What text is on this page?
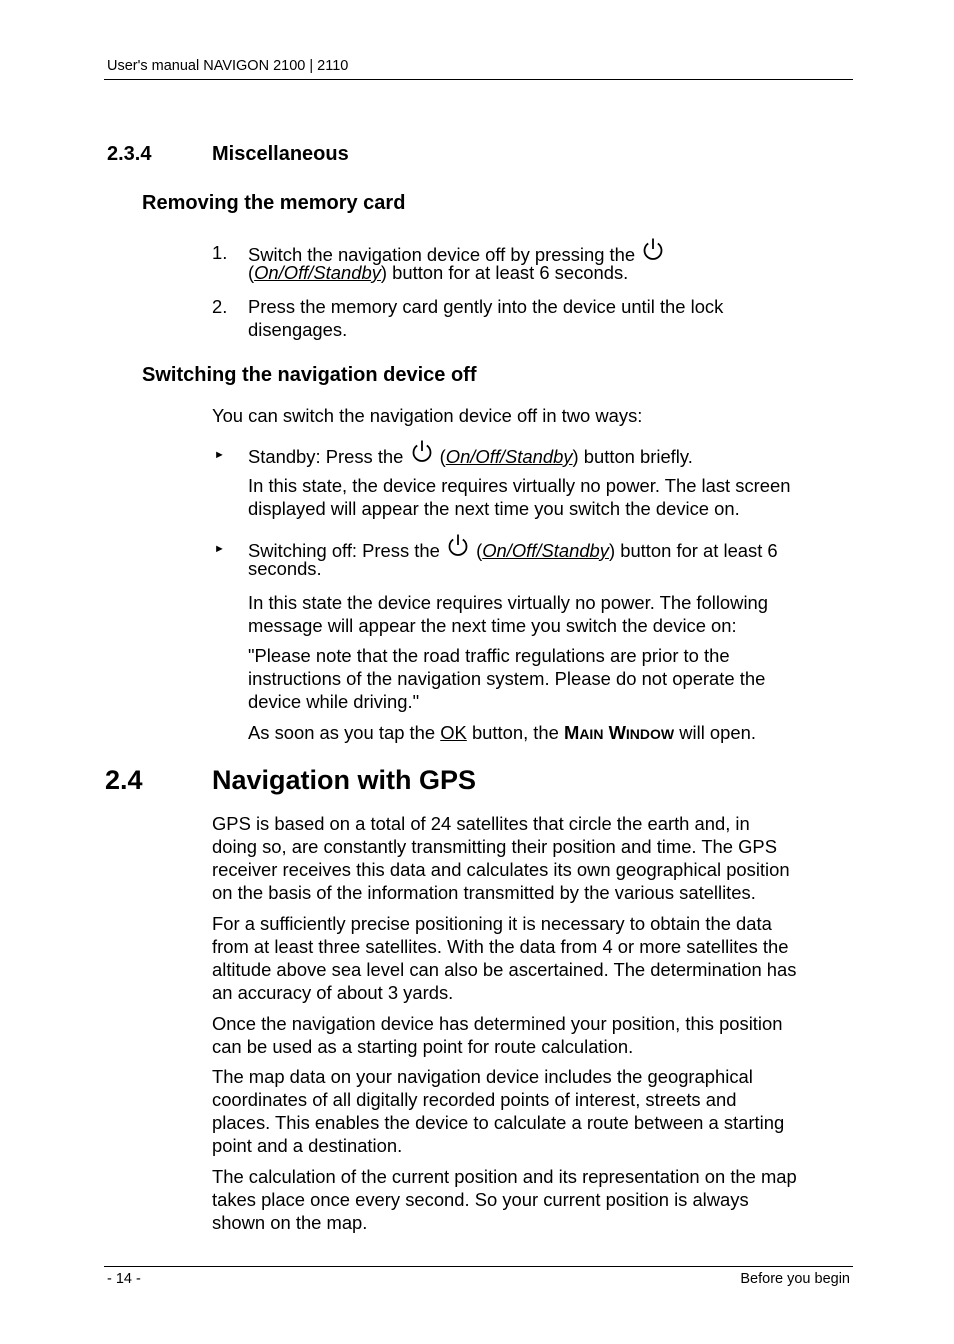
User's manual NAVIGON 2100 | 2110
2.3.4	Miscellaneous
Removing the memory card
1. Switch the navigation device off by pressing the
(On/Off/Standby) button for at least 6 seconds.
2. Press the memory card gently into the device until the lock
disengages.
Switching the navigation device off
You can switch the navigation device off in two ways:
► Standby: Press the (On/Off/Standby) button briefly.
In this state, the device requires virtually no power. The last screen
displayed will appear the next time you switch the device on.
► Switching off: Press the (On/Off/Standby) button for at least 6
seconds.
In this state the device requires virtually no power. The following
message will appear the next time you switch the device on:
"Please note that the road traffic regulations are prior to the
instructions of the navigation system. Please do not operate the
device while driving."
As soon as you tap the OK button, the MAIN WINDOW will open.
2.4	Navigation with GPS
GPS is based on a total of 24 satellites that circle the earth and, in
doing so, are constantly transmitting their position and time. The GPS
receiver receives this data and calculates its own geographical position
on the basis of the information transmitted by the various satellites.
For a sufficiently precise positioning it is necessary to obtain the data
from at least three satellites. With the data from 4 or more satellites the
altitude above sea level can also be ascertained. The determination has
an accuracy of about 3 yards.
Once the navigation device has determined your position, this position
can be used as a starting point for route calculation.
The map data on your navigation device includes the geographical
coordinates of all digitally recorded points of interest, streets and
places. This enables the device to calculate a route between a starting
point and a destination.
The calculation of the current position and its representation on the map
takes place once every second. So your current position is always
shown on the map.
- 14 -	Before you begin
